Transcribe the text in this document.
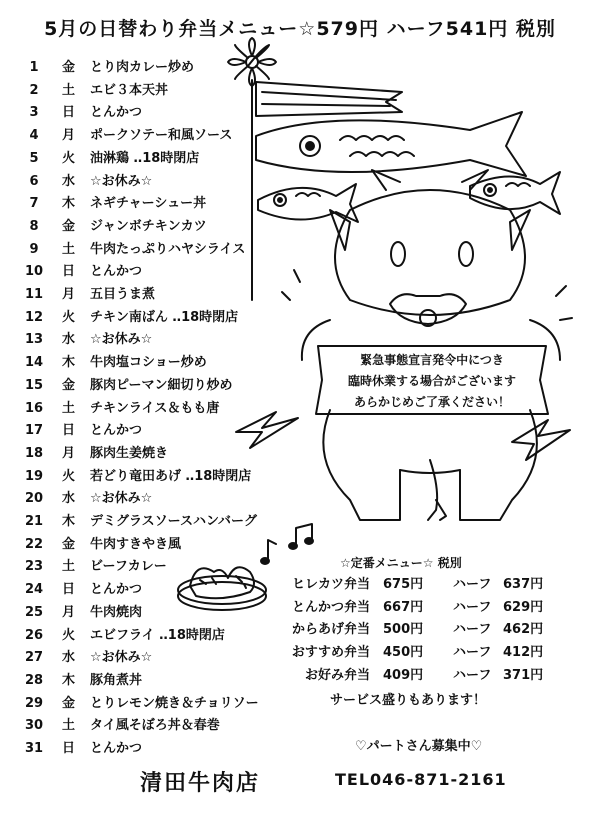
5月の日替わり弁当メニュー☆579円 ハーフ541円 税別
1	金 とり肉カレー炒め
2	土 エビ３本天丼
3	日 とんかつ
4	月 ポークソテー和風ソース
5	火 油淋鶏 ‥18時閉店
6	水 ☆お休み☆
7	木 ネギチャーシュー丼
8	金 ジャンボチキンカツ
9	土 牛肉たっぷりハヤシライス
10	日 とんかつ
11	月 五目うま煮
12	火 チキン南ばん ‥18時閉店
13	水 ☆お休み☆
14	木 牛肉塩コショー炒め
15	金 豚肉ピーマン細切り炒め
16	土 チキンライス＆もも唐
17	日 とんかつ
18	月 豚肉生姜焼き
19	火 若どり竜田あげ ‥18時閉店
20	水 ☆お休み☆
21	木 デミグラスソースハンバーグ
22	金 牛肉すきやき風
23	土 ビーフカレー
24	日 とんかつ
25	月 牛肉焼肉
26	火 エビフライ ‥18時閉店
27	水 ☆お休み☆
28	木 豚角煮丼
29	金 とりレモン焼き＆チョリソー
30	土 タイ風そぼろ丼＆春巻
31	日 とんかつ
緊急事態宣言発令中につき
臨時休業する場合がございます
あらかじめご了承ください！
☆定番メニュー☆ 税別
ヒレカツ弁当 675円 ハーフ 637円
とんかつ弁当 667円 ハーフ 629円
からあげ弁当 500円 ハーフ 462円
おすすめ弁当 450円 ハーフ 412円
お好み弁当 409円 ハーフ 371円
サービス盛りもあります！
♡パートさん募集中♡
清田牛肉店	TEL046-871-2161
